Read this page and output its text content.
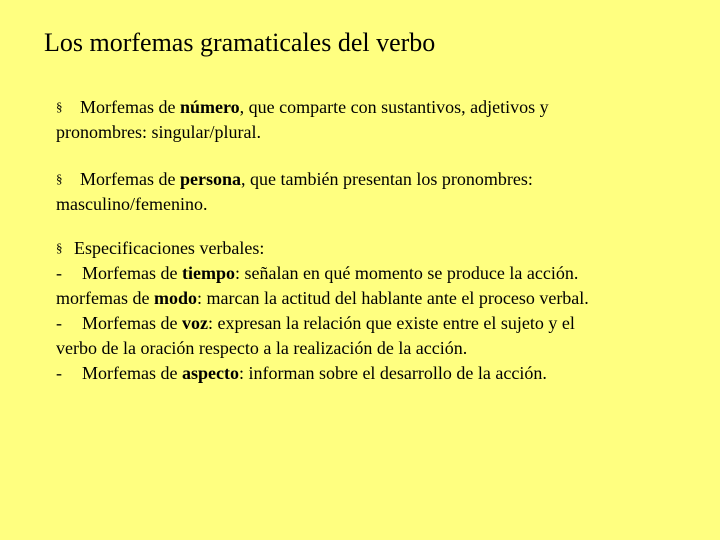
Los morfemas gramaticales del verbo
§ Morfemas de número, que comparte con sustantivos, adjetivos y
pronombres: singular/plural.
§ Morfemas de persona, que también presentan los pronombres:
masculino/femenino.
§ Especificaciones verbales:
- Morfemas de tiempo: señalan en qué momento se produce la acción.
morfemas de modo: marcan la actitud del hablante ante el proceso verbal.
- Morfemas de voz: expresan la relación que existe entre el sujeto y el
verbo de la oración respecto a la realización de la acción.
- Morfemas de aspecto: informan sobre el desarrollo de la acción.
